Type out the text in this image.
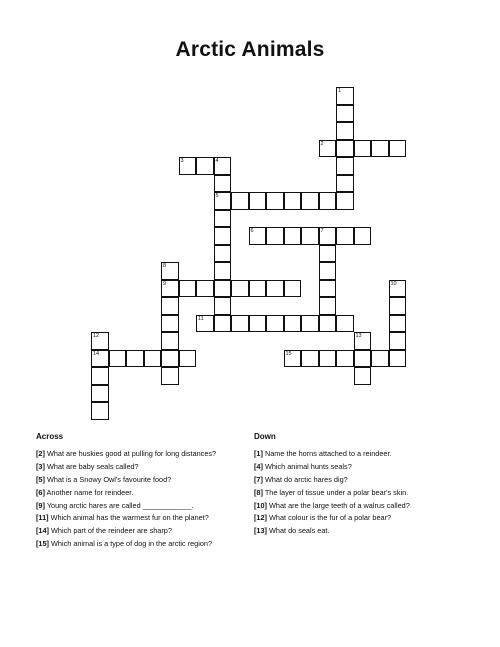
Arctic Animals
1
2
3	4
5
6	7
8
9	10
11
12
14
13
15
Across	Down
[2] What are huskies good at pulling for long distances?
[3] What are baby seals called?
[5] What is a Snowy Owl's favourite food?
[6] Another name for reindeer.
[9] Young arctic hares are called ____________.
[11] Which animal has the warmest fur on the planet?
[14] Which part of the reindeer are sharp?
[15] Which animal is a type of dog in the arctic region?
[1] Name the horns attached to a reindeer.
[4] Which animal hunts seals?
[7] What do arctic hares dig?
[8] The layer of tissue under a polar bear's skin.
[10] What are the large teeth of a walrus called?
[12] What colour is the fur of a polar bear?
[13] What do seals eat.
